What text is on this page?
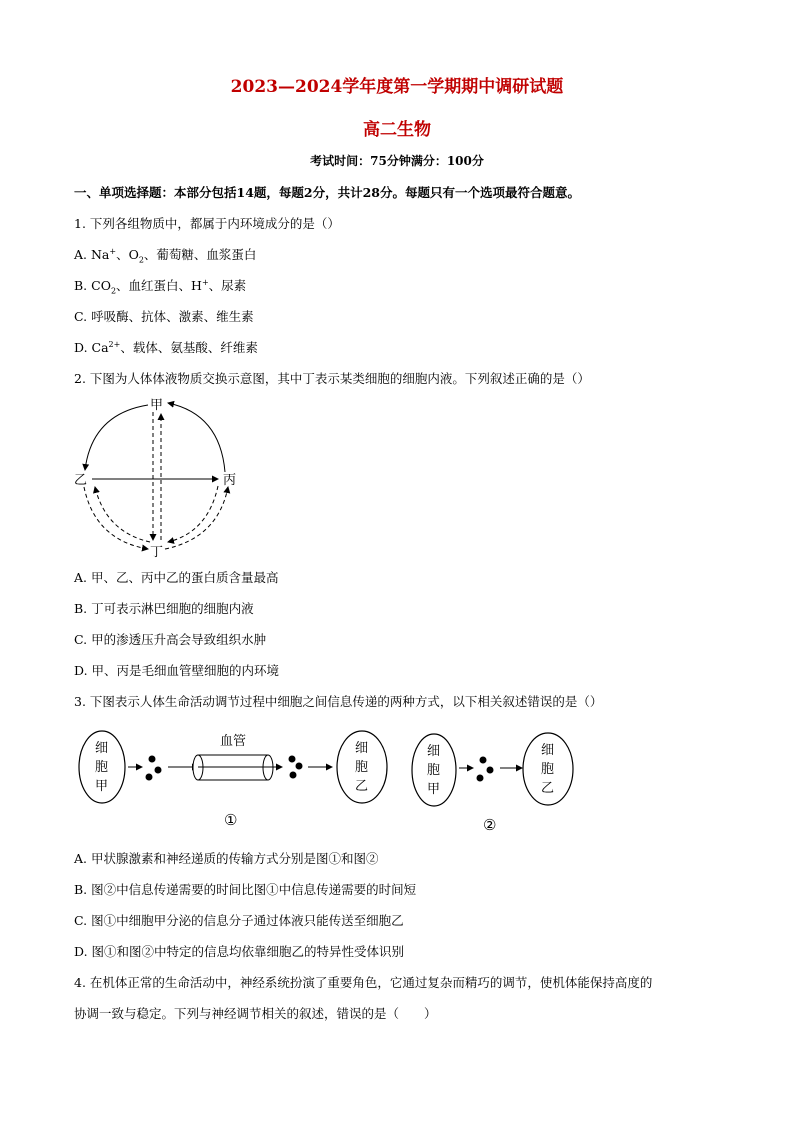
2023—2024学年度第一学期期中调研试题
高二生物
考试时间：75分钟满分：100分
一、单项选择题：本部分包括14题，每题2分，共计28分。每题只有一个选项最符合题意。
1. 下列各组物质中，都属于内环境成分的是（）
A. Na+、$O_2$、葡萄糖、血浆蛋白
B. $CO_2$、血红蛋白、H+、尿素
C. 呼吸酶、抗体、激素、维生素
D. $Ca^{2+}$、载体、氨基酸、纤维素
2. 下图为人体体液物质交换示意图，其中丁表示某类细胞的细胞内液。下列叙述正确的是（）
甲
乙	丙
丁
A. 甲、乙、丙中乙的蛋白质含量最高
B. 丁可表示淋巴细胞的细胞内液
C. 甲的渗透压升高会导致组织水肿
D. 甲、丙是毛细血管壁细胞的内环境
3. 下图表示人体生命活动调节过程中细胞之间信息传递的两种方式，以下相关叙述错误的是（）
细
胞
甲
血管	细
胞
乙
①
细
胞
甲
细
胞
乙
②
A. 甲状腺激素和神经递质的传输方式分别是图①和图②
B. 图②中信息传递需要的时间比图①中信息传递需要的时间短
C. 图①中细胞甲分泌的信息分子通过体液只能传送至细胞乙
D. 图①和图②中特定的信息均依靠细胞乙的特异性受体识别
4. 在机体正常的生命活动中，神经系统扮演了重要角色，它通过复杂而精巧的调节，使机体能保持高度的
协调一致与稳定。下列与神经调节相关的叙述，错误的是（　　）
